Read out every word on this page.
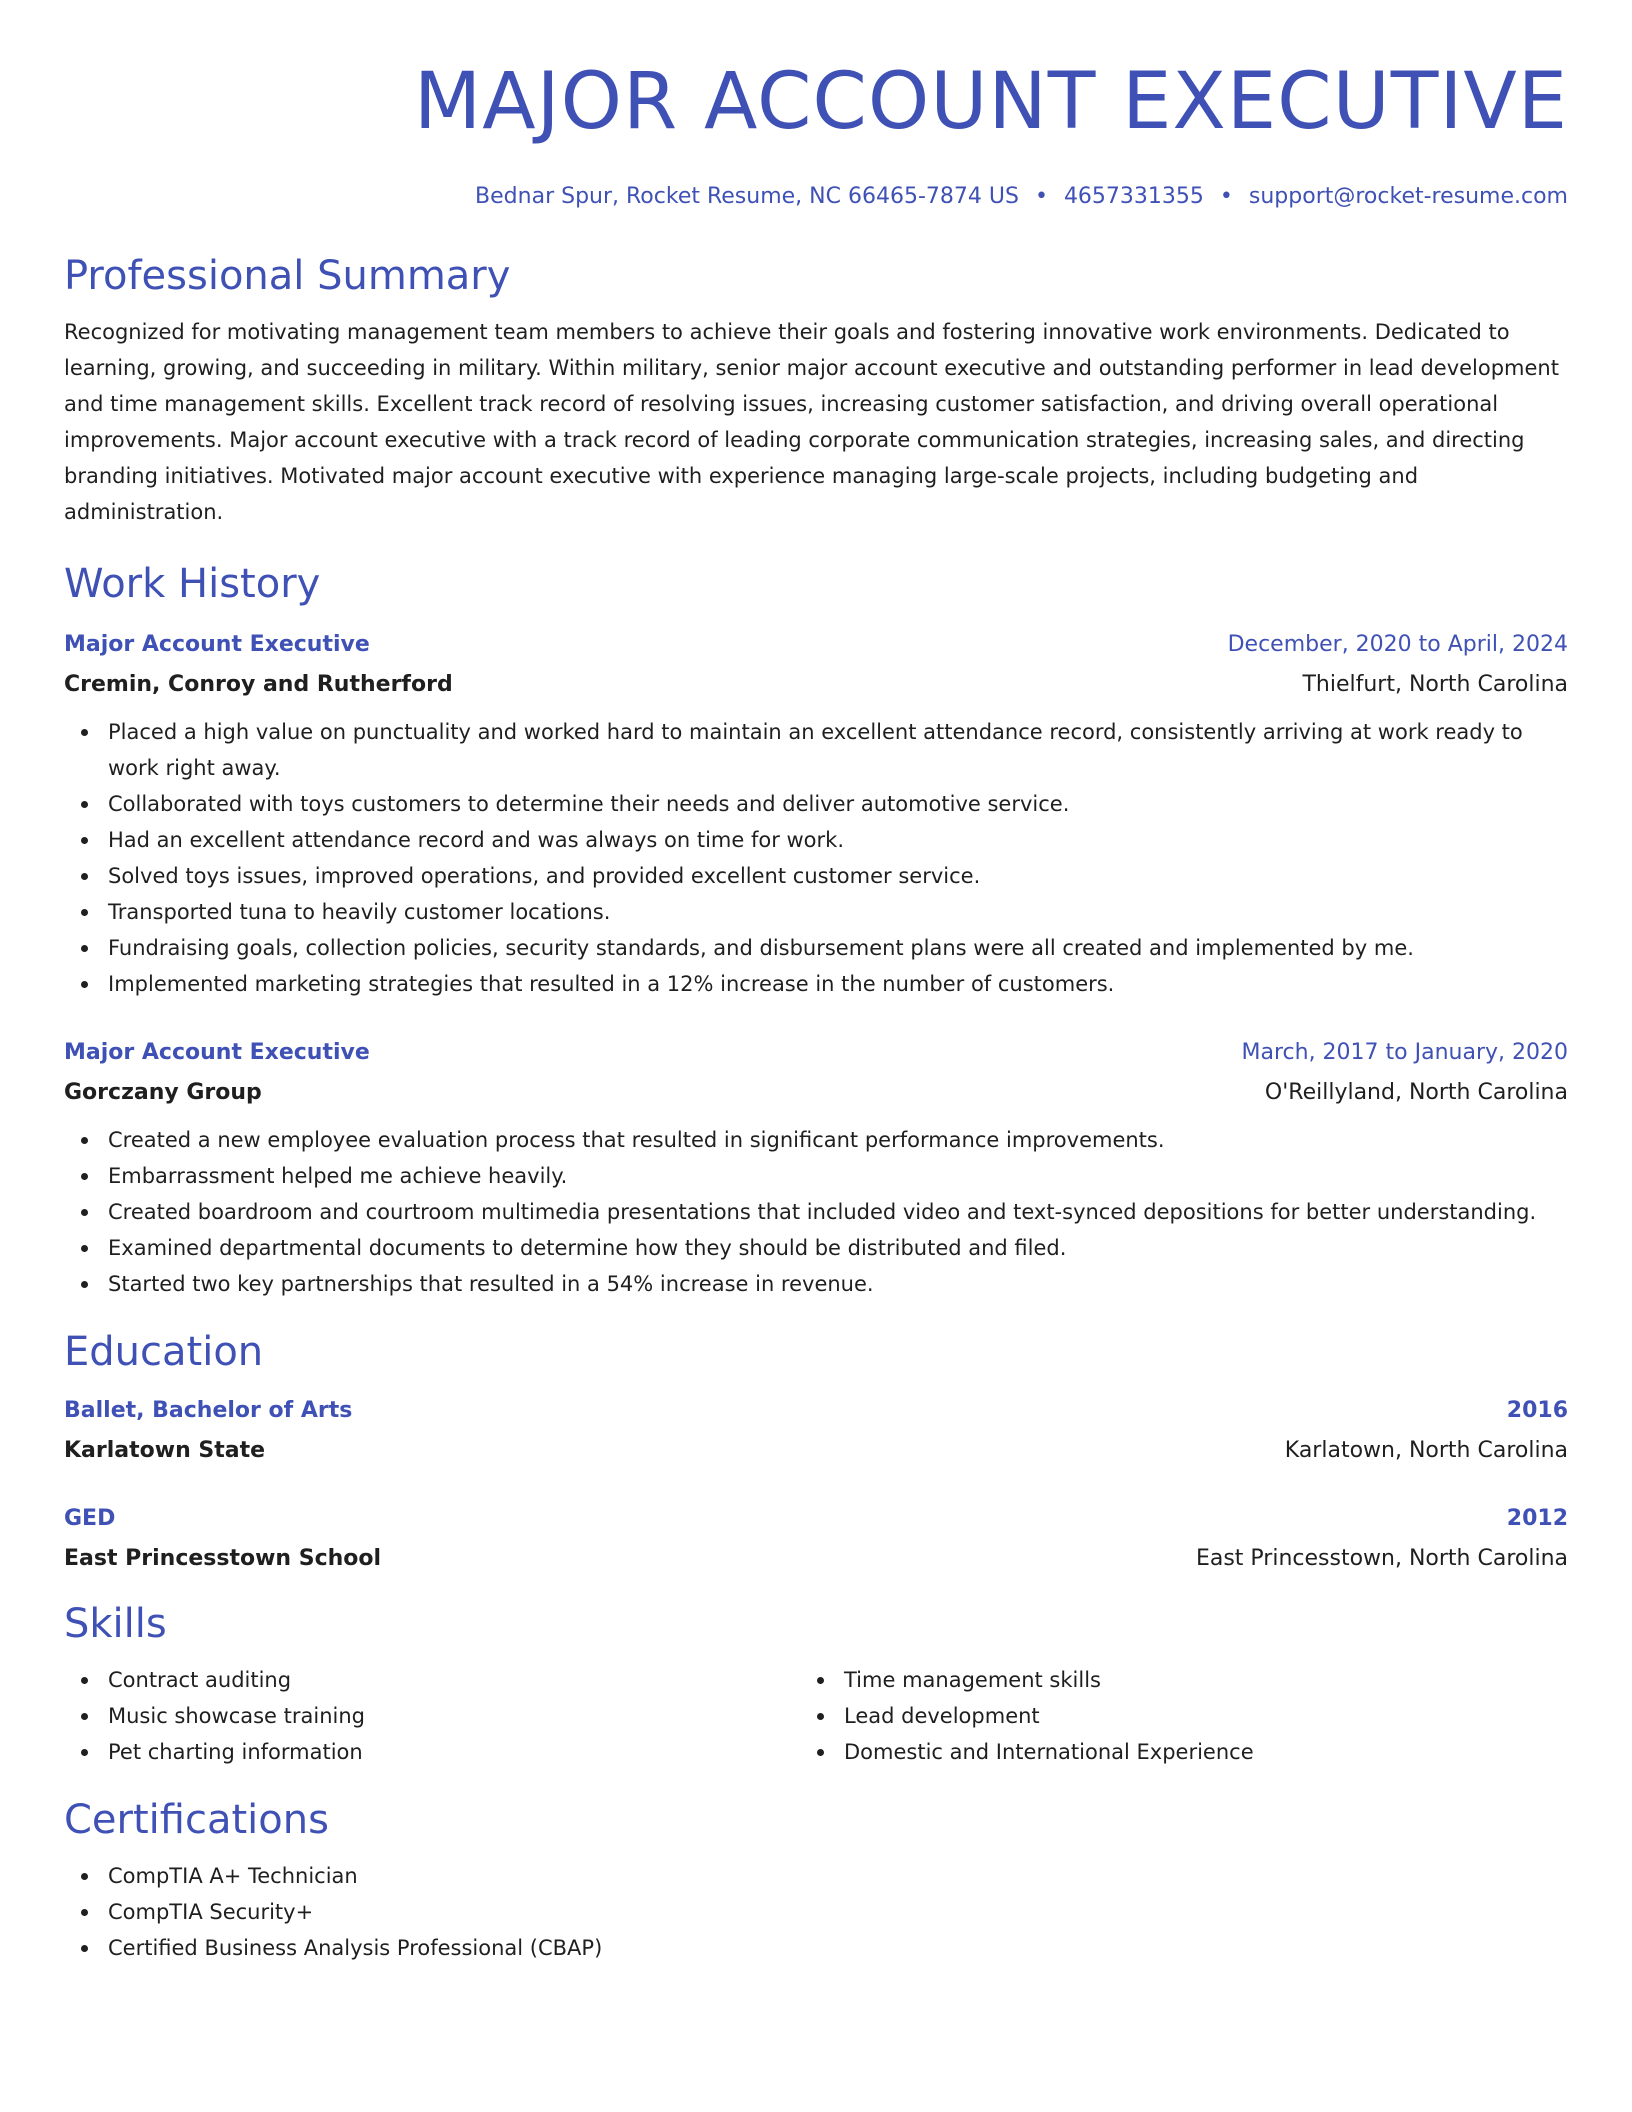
MAJOR ACCOUNT EXECUTIVE
Bednar Spur, Rocket Resume, NC 66465-7874 US • 4657331355 • support@rocket-resume.com
Professional Summary
Recognized for motivating management team members to achieve their goals and fostering innovative work environments. Dedicated to learning, growing, and succeeding in military. Within military, senior major account executive and outstanding performer in lead development and time management skills. Excellent track record of resolving issues, increasing customer satisfaction, and driving overall operational improvements. Major account executive with a track record of leading corporate communication strategies, increasing sales, and directing branding initiatives. Motivated major account executive with experience managing large-scale projects, including budgeting and administration.
Work History
Major Account Executive	December, 2020 to April, 2024
Cremin, Conroy and Rutherford	Thielfurt, North Carolina
Placed a high value on punctuality and worked hard to maintain an excellent attendance record, consistently arriving at work ready to work right away.
Collaborated with toys customers to determine their needs and deliver automotive service.
Had an excellent attendance record and was always on time for work.
Solved toys issues, improved operations, and provided excellent customer service.
Transported tuna to heavily customer locations.
Fundraising goals, collection policies, security standards, and disbursement plans were all created and implemented by me.
Implemented marketing strategies that resulted in a 12% increase in the number of customers.
Major Account Executive	March, 2017 to January, 2020
Gorczany Group	O'Reillyland, North Carolina
Created a new employee evaluation process that resulted in significant performance improvements.
Embarrassment helped me achieve heavily.
Created boardroom and courtroom multimedia presentations that included video and text-synced depositions for better understanding.
Examined departmental documents to determine how they should be distributed and filed.
Started two key partnerships that resulted in a 54% increase in revenue.
Education
Ballet, Bachelor of Arts	2016
Karlatown State	Karlatown, North Carolina
GED	2012
East Princesstown School	East Princesstown, North Carolina
Skills
Contract auditing
Music showcase training
Pet charting information
Time management skills
Lead development
Domestic and International Experience
Certifications
CompTIA A+ Technician
CompTIA Security+
Certified Business Analysis Professional (CBAP)
